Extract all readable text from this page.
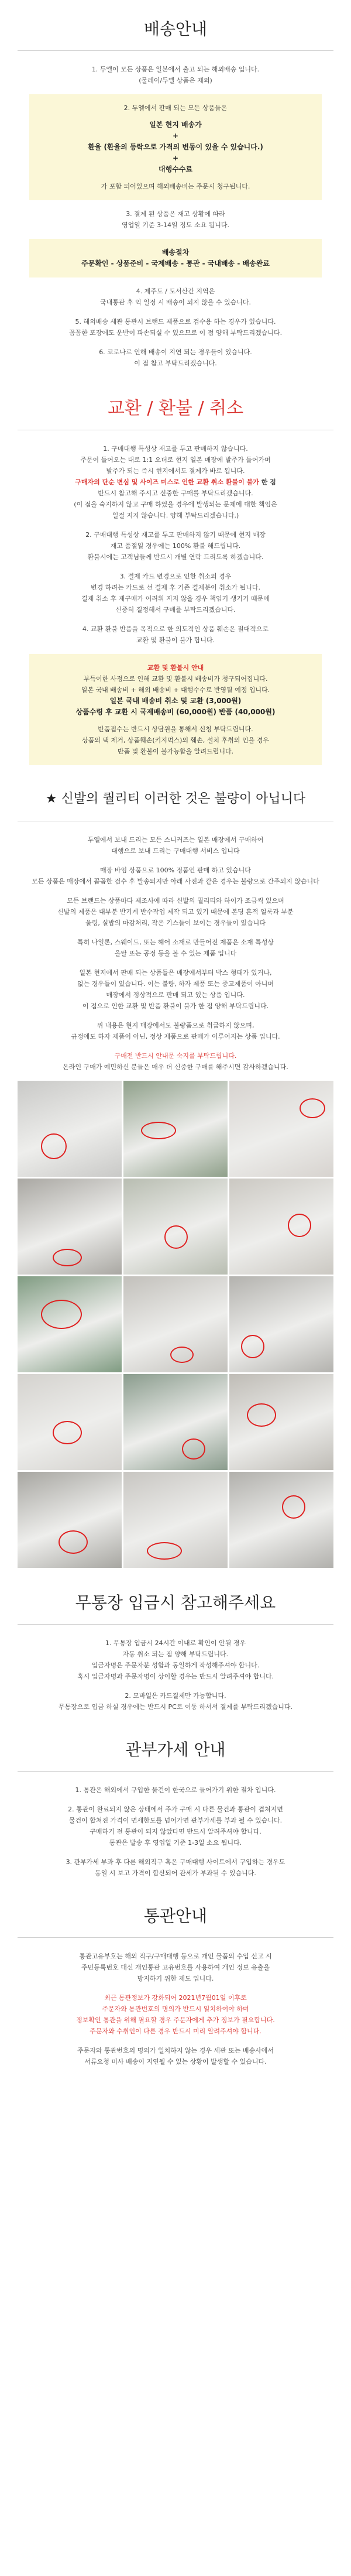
배송안내
1. 두엘이 모든 상품은 일본에서 출고 되는 해외배송 입니다.
(물레이/두엘 상품은 제외)
2. 두엘에서 판매 되는 모든 상품들은
일본 현지 배송가
+
환율 (환율의 등락으로 가격의 변동이 있을 수 있습니다.)
+
대행수수료
가 포함 되어있으며 해외배송비는 주문시 청구됩니다.
3. 결제 된 상품은 재고 상황에 따라
영업일 기준 3-14일 정도 소요 됩니다.
배송절차
주문확인 - 상품준비 - 국제배송 - 통관 - 국내배송 - 배송완료
4. 제주도 / 도서산간 지역은
국내통관 후 익 일정 시 배송이 되지 않을 수 있습니다.
5. 해외배송 세관 통관시 브랜드 제품으로 검수용 하는 경우가 있습니다.
꼼꼼한 포장에도 운반이 파손되실 수 있으므로 이 점 양해 부탁드리겠습니다.
6. 코로나로 인해 배송이 지연 되는 경우들이 있습니다.
이 점 참고 부탁드리겠습니다.
교환 / 환불 / 취소
1. 구매대행 특성상 재고를 두고 판매하지 않습니다.
주문이 들어오는 대로 1:1 오더로 현지 일본 매장에 발주가 들어가며
발주가 되는 즉시 현지에서도 결제가 바로 됩니다.
구매자의 단순 변심 및 사이즈 미스로 인한 교환 취소 환불이 불가 한 점
반드시 참고해 주시고 신중한 구매를 부탁드리겠습니다.
(이 점을 숙지하지 않고 구매 하였을 경우에 발생되는 문제에 대한 책임은
일절 지지 않습니다. 양해 부탁드리겠습니다.)
2. 구매대행 특성상 재고를 두고 판매하지 않기 때문에 현지 매장
재고 품절일 경우에는 100% 환불 해드립니다.
환불시에는 고객님들께 반드시 개별 연락 드리도록 하겠습니다.
3. 결제 카드 변경으로 인한 취소의 경우
변경 하려는 카드로 선 결제 후 기존 결제분이 취소가 됩니다.
결제 취소 후 재구매가 어려워 지지 않을 경우 책임기 생기기 때문에
신중히 결정해서 구매를 부탁드리겠습니다.
4. 교환 환불 반품을 목적으로 한 의도적인 상품 훼손은 절대적으로
교환 및 환불이 불가 합니다.
교환 및 환불시 안내
부득이한 사정으로 인해 교환 및 환불시 배송비가 청구되어집니다.
일본 국내 배송비 + 해외 배송비 + 대행수수료 반영될 예정 입니다.
일본 국내 배송비 취소 및 교환 (3,000원)
상품수령 후 교환 시 국제배송비 (60,000원) 반품 (40,000원)
반품접수는 반드시 상담원을 통해서 신청 부탁드립니다.
상품의 택 제거, 상품훼손(키지먹스)의 훼손, 설치 후취의 인을 경우
반품 및 환불이 불가능함을 알려드립니다.
★ 신발의 퀄리티 이러한 것은 불량이 아닙니다
두엘에서 보내 드리는 모든 스니커즈는 일본 매장에서 구매하여
대행으로 보내 드리는 구매대행 서비스 입니다
매장 바임 상품으로 100% 정품인 판매 하고 있습니다
모든 상품은 매장에서 꼼꼼한 검수 후 발송되지만 아래 사진과 같은 경우는 불량으로 간주되지 않습니다
모든 브랜드는 상품마다 제조사에 따라 신발의 퀄리티와 하이가 조금씩 있으며
신발의 제품은 대부분 반기계 반수작업 제작 되고 있기 때문에 본딩 흔적 얼룩과 부분
울링, 실밥의 마감처리, 작은 기스들이 보이는 경우들이 있습니다
특히 나일론, 스웨이드, 또는 헤어 소재로 만들어진 제품은 소재 특성상
올탈 또는 공정 등을 볼 수 있는 제품 입니다
일본 현지에서 판매 되는 상품들은 매장에서부터 박스 형태가 있거나,
없는 경우들이 있습니다. 이는 불량, 하자 제품 또는 중고제품이 아니며
매장에서 정상적으로 판매 되고 있는 상품 입니다.
이 점으로 인한 교환 및 반품 환불이 불가 한 점 양해 부탁드립니다.
위 내용은 현지 매장에서도 불량품으로 취급하지 않으며,
규정에도 하자 제품이 아닌, 정상 제품으로 판매가 이루어지는 상품 입니다.
구매전 반드시 안내문 숙지를 부탁드립니다.
온라인 구매가 예민하신 분들은 매우 더 신중한 구매를 해주시면 감사하겠습니다.
무통장 입금시 참고해주세요
1. 무통장 입금시 24시간 이내로 확인이 안될 경우
자동 취소 되는 점 양해 부탁드립니다.
입금자명은 주문자분 성함과 동일하게 작성해주셔야 합니다.
혹시 입금자명과 주문자명이 상이할 경우는 반드시 알려주셔야 합니다.
2. 모바일은 카드결제만 가능합니다.
무통장으로 입금 하실 경우에는 반드시 PC로 이동 하셔서 결제를 부탁드리겠습니다.
관부가세 안내
1. 통관은 해외에서 구입한 물건이 한국으로 들어가기 위한 절차 입니다.
2. 통관이 완료되지 않은 상태에서 주가 구매 시 다른 물건과 통관이 겹쳐지면
물건이 합쳐진 가격이 면세한도를 넘어가면 관부가세를 부과 될 수 있습니다.
구매하기 전 통관이 되지 않았다면 반드시 알려주셔야 합니다.
통관은 발송 후 영업일 기준 1-3일 소요 됩니다.
3. 관부가세 부과 후 다른 해외직구 혹은 구매대행 사이트에서 구입하는 경우도
동일 시 보고 가격이 합산되어 관세가 부과될 수 있습니다.
통관안내
통관고유부호는 해외 직구/구매대행 등으로 개인 물품의 수입 신고 시
주민등록번호 대신 개인통관 고유번호를 사용하여 개인 정보 유출을
방지하기 위한 제도 입니다.
최근 통관정보가 강화되어 2021년7월01일 이후로
주문자와 통관번호의 명의가 반드시 일치하여야 하며
정보확인 통관을 위해 필요할 경우 주문자에게 추가 정보가 필요합니다.
주문자와 수취인이 다른 경우 반드시 미리 알려주셔야 합니다.
주문자와 통관번호의 명의가 일치하지 않는 경우 세관 또는 배송사에서
서류요청 미사 배송이 지연될 수 있는 상황이 발생할 수 있습니다.
